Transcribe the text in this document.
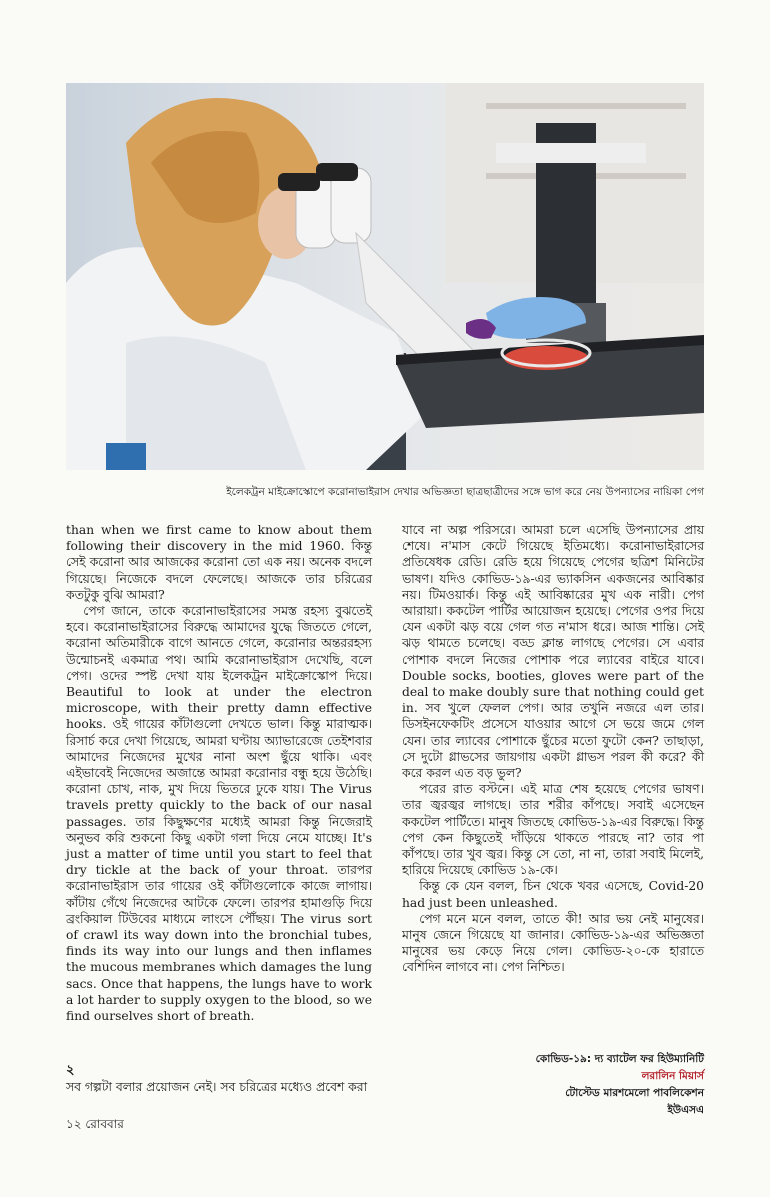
ইলেকট্রন মাইক্রোস্কোপে করোনাভাইরাস দেখার অভিজ্ঞতা ছাত্রছাত্রীদের সঙ্গে ভাগ করে নেয় উপন্যাসের নায়িকা পেগ

than when we first came to know about them following their discovery in the mid 1960. কিন্তু সেই করোনা আর আজকের করোনা তো এক নয়। অনেক বদলে গিয়েছে। নিজেকে বদলে ফেলেছে। আজকে তার চরিত্রের কতটুকু বুঝি আমরা?

পেগ জানে, তাকে করোনাভাইরাসের সমস্ত রহস্য বুঝতেই হবে। করোনাভাইরাসের বিরুদ্ধে আমাদের যুদ্ধে জিততে গেলে, করোনা অতিমারীকে বাগে আনতে গেলে, করোনার অন্তররহস্য উন্মোচনই একমাত্র পথ। আমি করোনাভাইরাস দেখেছি, বলে পেগ। ওদের স্পষ্ট দেখা যায় ইলেকট্রন মাইক্রোস্কোপ দিয়ে। Beautiful to look at under the electron microscope, with their pretty damn effective hooks. ওই গায়ের কাঁটাগুলো দেখতে ভাল। কিন্তু মারাত্মক। রিসার্চ করে দেখা গিয়েছে, আমরা ঘণ্টায় অ্যাভারেজে তেইশবার আমাদের নিজেদের মুখের নানা অংশ ছুঁয়ে থাকি। এবং এইভাবেই নিজেদের অজান্তে আমরা করোনার বন্ধু হয়ে উঠেছি। করোনা চোখ, নাক, মুখ দিয়ে ভিতরে ঢুকে যায়। The Virus travels pretty quickly to the back of our nasal passages. তার কিছুক্ষণের মধ্যেই আমরা কিন্তু নিজেরাই অনুভব করি শুকনো কিছু একটা গলা দিয়ে নেমে যাচ্ছে। It's just a matter of time until you start to feel that dry tickle at the back of your throat. তারপর করোনাভাইরাস তার গায়ের ওই কাঁটাগুলোকে কাজে লাগায়। কাঁটায় গেঁথে নিজেদের আটকে ফেলে। তারপর হামাগুড়ি দিয়ে ব্রংকিয়াল টিউবের মাধ্যমে লাংসে পৌঁছয়। The virus sort of crawl its way down into the bronchial tubes, finds its way into our lungs and then inflames the mucous membranes which damages the lung sacs. Once that happens, the lungs have to work a lot harder to supply oxygen to the blood, so we find ourselves short of breath.

যাবে না অল্প পরিসরে। আমরা চলে এসেছি উপন্যাসের প্রায় শেষে। ন'মাস কেটে গিয়েছে ইতিমধ্যে। করোনাভাইরাসের প্রতিষেধক রেডি। রেডি হয়ে গিয়েছে পেগের ছত্রিশ মিনিটের ভাষণ। যদিও কোভিড-১৯-এর ভ্যাকসিন একজনের আবিষ্কার নয়। টিমওয়ার্ক। কিন্তু এই আবিষ্কারের মুখ এক নারী। পেগ আরায়া। ককটেল পার্টির আয়োজন হয়েছে। পেগের ওপর দিয়ে যেন একটা ঝড় বয়ে গেল গত ন'মাস ধরে। আজ শান্তি। সেই ঝড় থামতে চলেছে। বড্ড ক্লান্ত লাগছে পেগের। সে এবার পোশাক বদলে নিজের পোশাক পরে ল্যাবের বাইরে যাবে। Double socks, booties, gloves were part of the deal to make doubly sure that nothing could get in. সব খুলে ফেলল পেগ। আর তখুনি নজরে এল তার। ডিসইনফেকটিং প্রসেসে যাওয়ার আগে সে ভয়ে জমে গেল যেন। তার ল্যাবের পোশাকে ছুঁচের মতো ফুটো কেন? তাছাড়া, সে দুটো গ্লাভসের জায়গায় একটা গ্লাভস পরল কী করে? কী করে করল এত বড় ভুল?

পরের রাত বস্টনে। এই মাত্র শেষ হয়েছে পেগের ভাষণ। তার জ্বরজ্বর লাগছে। তার শরীর কাঁপছে। সবাই এসেছেন ককটেল পার্টিতে। মানুষ জিতছে কোভিড-১৯-এর বিরুদ্ধে। কিন্তু পেগ কেন কিছুতেই দাঁড়িয়ে থাকতে পারছে না? তার পা কাঁপছে। তার খুব জ্বর। কিন্তু সে তো, না না, তারা সবাই মিলেই, হারিয়ে দিয়েছে কোভিড ১৯-কে।

কিন্তু কে যেন বলল, চিন থেকে খবর এসেছে, Covid-20 had just been unleashed.

পেগ মনে মনে বলল, তাতে কী! আর ভয় নেই মানুষের। মানুষ জেনে গিয়েছে যা জানার। কোভিড-১৯-এর অভিজ্ঞতা মানুষের ভয় কেড়ে নিয়ে গেল। কোভিড-২০-কে হারাতে বেশিদিন লাগবে না। পেগ নিশ্চিত।

কোভিড-১৯: দ্য ব্যাটেল ফর হিউম্যানিটি
লরালিন মিয়ার্স
টোস্টেড মারশমেলো পাবলিকেশন
ইউএসএ
২
সব গল্পটা বলার প্রয়োজন নেই। সব চরিত্রের মধ্যেও প্রবেশ করা
১২ রোববার
